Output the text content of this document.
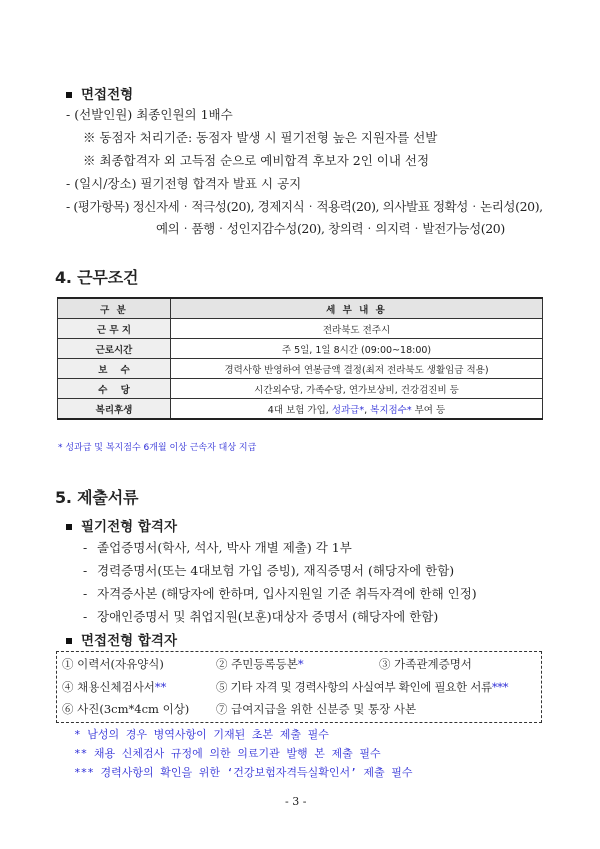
면접전형
- (선발인원) 최종인원의 1배수
※ 동점자 처리기준: 동점자 발생 시 필기전형 높은 지원자를 선발
※ 최종합격자 외 고득점 순으로 예비합격 후보자 2인 이내 선정
- (일시/장소) 필기전형 합격자 발표 시 공지
- (평가항목) 정신자세‧적극성(20), 경제지식‧적용력(20), 의사발표 정확성‧논리성(20),
예의‧품행‧성인지감수성(20), 창의력‧의지력‧발전가능성(20)
4. 근무조건
구 분	세 부 내 용
근 무 지	전라북도 전주시
근로시간	주 5일, 1일 8시간 (09:00~18:00)
보    수	경력사항 반영하여 연봉금액 결정(최저 전라북도 생활임금 적용)
수    당	시간외수당, 가족수당, 연가보상비, 건강검진비 등
복리후생	4대 보험 가입, 성과급*, 복지점수* 부여 등
* 성과급 및 복지점수 6개월 이상 근속자 대상 지급
5. 제출서류
필기전형 합격자
- 졸업증명서(학사, 석사, 박사 개별 제출) 각 1부
- 경력증명서(또는 4대보험 가입 증빙), 재직증명서 (해당자에 한함)
- 자격증사본 (해당자에 한하며, 입사지원일 기준 취득자격에 한해 인정)
- 장애인증명서 및 취업지원(보훈)대상자 증명서 (해당자에 한함)
면접전형 합격자
① 이력서(자유양식)	② 주민등록등본*	③ 가족관계증명서
④ 채용신체검사서**	⑤ 기타 자격 및 경력사항의 사실여부 확인에 필요한 서류***
⑥ 사진(3cm*4cm 이상) ⑦ 급여지급을 위한 신분증 및 통장 사본
* 남성의 경우 병역사항이 기재된 초본 제출 필수
** 채용 신체검사 규정에 의한 의료기관 발행 본 제출 필수
*** 경력사항의 확인을 위한 ‘건강보험자격득실확인서’ 제출 필수
- 3 -
